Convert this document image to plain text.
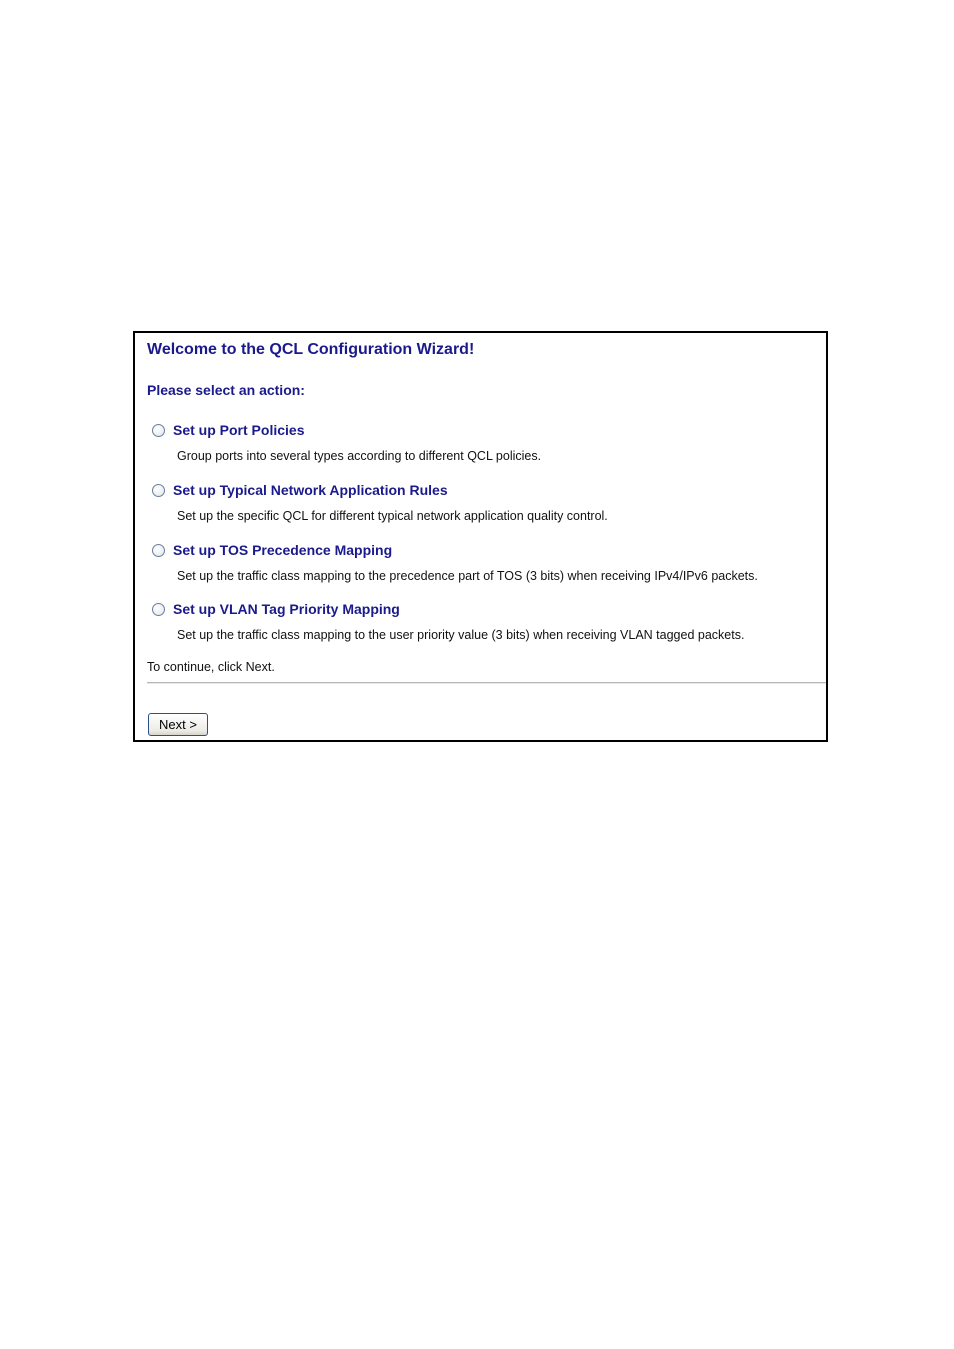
Welcome to the QCL Configuration Wizard!
Please select an action:
Set up Port Policies
Group ports into several types according to different QCL policies.
Set up Typical Network Application Rules
Set up the specific QCL for different typical network application quality control.
Set up TOS Precedence Mapping
Set up the traffic class mapping to the precedence part of TOS (3 bits) when receiving IPv4/IPv6 packets.
Set up VLAN Tag Priority Mapping
Set up the traffic class mapping to the user priority value (3 bits) when receiving VLAN tagged packets.
To continue, click Next.
Next >
